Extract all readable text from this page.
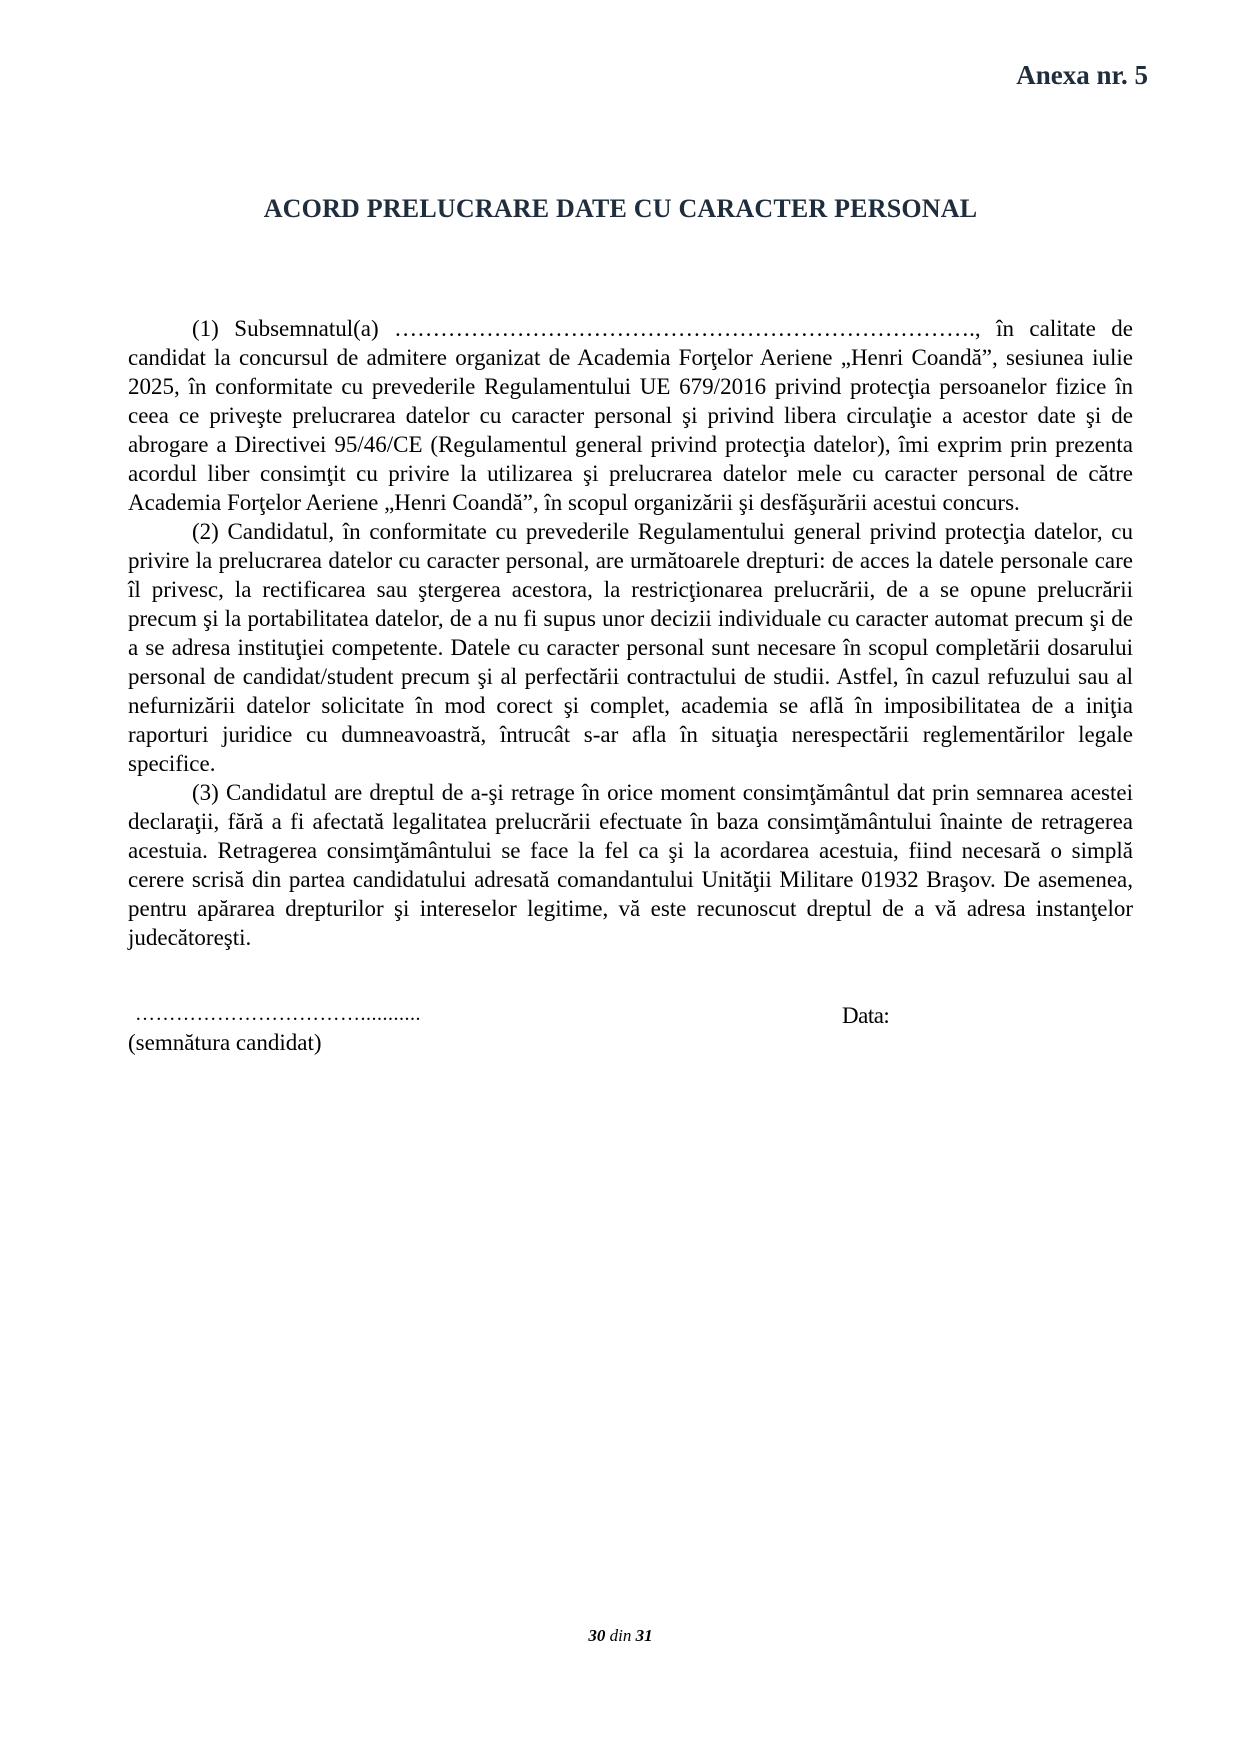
Anexa nr. 5
ACORD PRELUCRARE DATE CU CARACTER PERSONAL

(1) Subsemnatul(a) …………………………………………………………………., în calitate de candidat la concursul de admitere organizat de Academia Forţelor Aeriene „Henri Coandă”, sesiunea iulie 2025, în conformitate cu prevederile Regulamentului UE 679/2016 privind protecţia persoanelor fizice în ceea ce priveşte prelucrarea datelor cu caracter personal şi privind libera circulaţie a acestor date şi de abrogare a Directivei 95/46/CE (Regulamentul general privind protecţia datelor), îmi exprim prin prezenta acordul liber consimţit cu privire la utilizarea şi prelucrarea datelor mele cu caracter personal de către Academia Forţelor Aeriene „Henri Coandă”, în scopul organizării şi desfăşurării acestui concurs.

(2) Candidatul, în conformitate cu prevederile Regulamentului general privind protecţia datelor, cu privire la prelucrarea datelor cu caracter personal, are următoarele drepturi: de acces la datele personale care îl privesc, la rectificarea sau ştergerea acestora, la restricţionarea prelucrării, de a se opune prelucrării precum şi la portabilitatea datelor, de a nu fi supus unor decizii individuale cu caracter automat precum şi de a se adresa instituţiei competente. Datele cu caracter personal sunt necesare în scopul completării dosarului personal de candidat/student precum şi al perfectării contractului de studii. Astfel, în cazul refuzului sau al nefurnizării datelor solicitate în mod corect şi complet, academia se află în imposibilitatea de a iniţia raporturi juridice cu dumneavoastră, întrucât s-ar afla în situaţia nerespectării reglementărilor legale specifice.

(3) Candidatul are dreptul de a-şi retrage în orice moment consimţământul dat prin semnarea acestei declaraţii, fără a fi afectată legalitatea prelucrării efectuate în baza consimţământului înainte de retragerea acestuia. Retragerea consimţământului se face la fel ca şi la acordarea acestuia, fiind necesară o simplă cerere scrisă din partea candidatului adresată comandantului Unităţii Militare 01932 Braşov. De asemenea, pentru apărarea drepturilor şi intereselor legitime, vă este recunoscut dreptul de a vă adresa instanţelor judecătoreşti.

……………………………...........
(semnătura candidat)
Data:
30 din 31
